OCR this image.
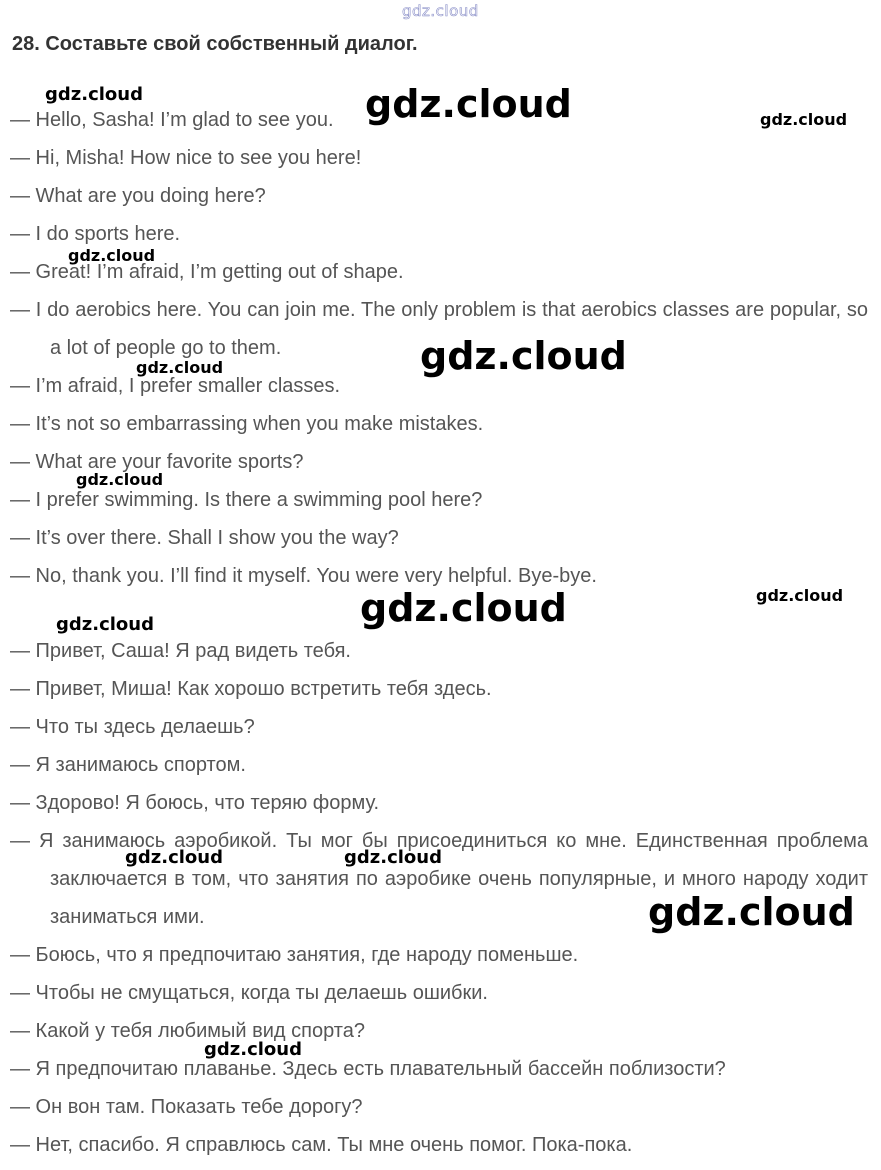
gdz.cloud
28. Составьте свой собственный диалог.
— Hello, Sasha! I’m glad to see you.
— Hi, Misha! How nice to see you here!
— What are you doing here?
— I do sports here.
— Great! I’m afraid, I’m getting out of shape.
— I do aerobics here. You can join me. The only problem is that aerobics classes are popular, so a lot of people go to them.
— I’m afraid, I prefer smaller classes.
— It’s not so embarrassing when you make mistakes.
— What are your favorite sports?
— I prefer swimming. Is there a swimming pool here?
— It’s over there. Shall I show you the way?
— No, thank you. I’ll find it myself. You were very helpful. Bye-bye.
— Привет, Саша! Я рад видеть тебя.
— Привет, Миша! Как хорошо встретить тебя здесь.
— Что ты здесь делаешь?
— Я занимаюсь спортом.
— Здорово! Я боюсь, что теряю форму.
— Я занимаюсь аэробикой. Ты мог бы присоединиться ко мне. Единственная проблема заключается в том, что занятия по аэробике очень популярные, и много народу ходит заниматься ими.
— Боюсь, что я предпочитаю занятия, где народу поменьше.
— Чтобы не смущаться, когда ты делаешь ошибки.
— Какой у тебя любимый вид спорта?
— Я предпочитаю плаванье. Здесь есть плавательный бассейн поблизости?
— Он вон там. Показать тебе дорогу?
— Нет, спасибо. Я справлюсь сам. Ты мне очень помог. Пока-пока.
gdz.cloud	gdz.cloud	gdz.cloud
gdz.cloud
gdz.cloud
gdz.cloud
gdz.cloud
gdz.cloud	gdz.cloud
gdz.cloud
gdz.cloud	gdz.cloud
gdz.cloud
gdz.cloud
